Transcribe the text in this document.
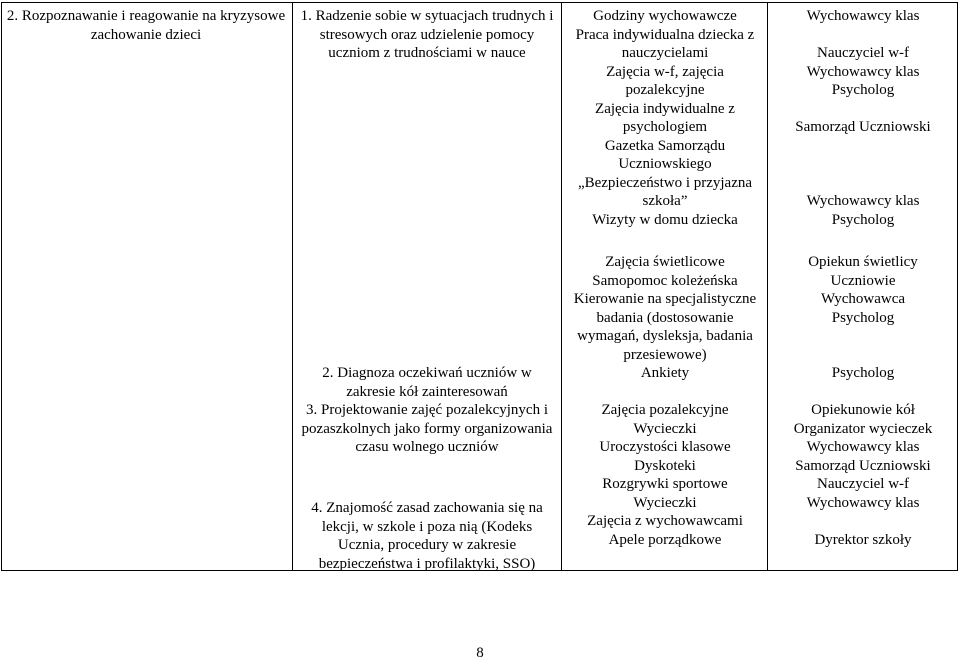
2. Rozpoznawanie i reagowanie na kryzysowe zachowanie dzieci
1. Radzenie sobie w sytuacjach trudnych i stresowych oraz udzielenie pomocy uczniom z trudnościami w nauce
2. Diagnoza oczekiwań uczniów w zakresie kół zainteresowań
3. Projektowanie zajęć pozalekcyjnych i pozaszkolnych jako formy organizowania czasu wolnego uczniów
4. Znajomość zasad zachowania się na lekcji, w szkole i poza nią (Kodeks Ucznia, procedury w zakresie bezpieczeństwa i profilaktyki, SSO)

Godziny wychowawcze

Praca indywidualna dziecka z nauczycielami

Zajęcia w-f, zajęcia pozalekcyjne

Zajęcia indywidualne z psychologiem

Gazetka Samorządu Uczniowskiego „Bezpieczeństwo i przyjazna szkoła”

Wizyty w domu dziecka

Zajęcia świetlicowe

Samopomoc koleżeńska

Kierowanie na specjalistyczne badania (dostosowanie wymagań, dysleksja, badania przesiewowe)

Ankiety

Zajęcia pozalekcyjne

Wycieczki

Uroczystości klasowe

Dyskoteki

Rozgrywki sportowe

Wycieczki

Zajęcia z wychowawcami

Apele porządkowe

Wychowawcy klas

Nauczyciel w-f

Wychowawcy klas

Psycholog

Samorząd Uczniowski

Wychowawcy klas

Psycholog

Opiekun świetlicy

Uczniowie

Wychowawca

Psycholog

Psycholog

Opiekunowie kół

Organizator wycieczek

Wychowawcy klas

Samorząd Uczniowski

Nauczyciel w-f

Wychowawcy klas

Dyrektor szkoły

8
